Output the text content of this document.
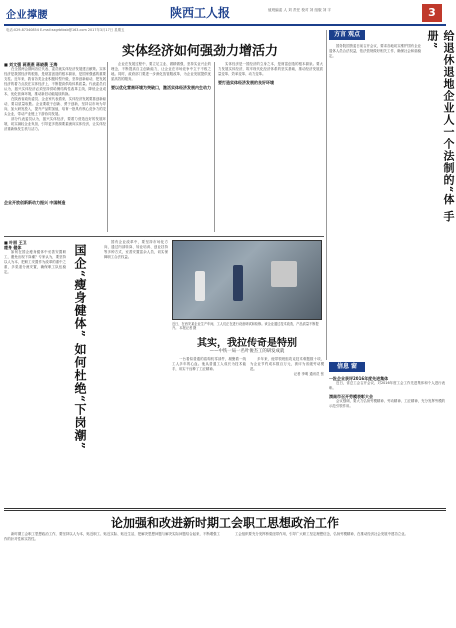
企业撑腰	陕西工人报	值班编委 人 刘 责任 校对 刘 组版 刘 宇	3
电话:029-87340854 E-mail:sxgrbtbsb@163.com 2017年3月17日 星期五
实体经济如何强劲力增活力
■ 刘文强 蒋燕燕 蒋晓晨 王海

在全国两会期间各位代表、委员就实体经济发展建言献策。实体经济是我国经济的根基，是财富创造的根本源泉，是国家强盛的重要支柱。近年来，我省各类企业积极转型升级，坚持创新驱动，把发展经济的着力点放在实体经济上，不断提高供给体系质量。代表委员们认为，振兴实体经济必须坚持供给侧结构性改革主线，降低企业成本，优化营商环境，推动新旧动能接续转换。

在陕西省政协委员、企业家代表看来，实体经济发展要靠创新驱动，要以质量取胜。企业要敢于创新、勇于创新，坚持以市场为导向，加大研发投入，提升产品附加值，培育一批具有核心竞争力的龙头企业，带动产业链上下游协同发展。

部分代表委员认为，振兴实体经济，要着力营造良好的发展环境，切实减轻企业负担，引导更多资源要素流向实体经济，让实体经济重新焕发生机与活力。

企业开放创新新动力振兴 中国制造

企业在发展过程中，要立足主业、做精做强，坚持实业兴企的理念，不断提高自主创新能力，让企业在市场竞争中立于不败之地。同时，政府部门要进一步深化放管服改革，为企业发展提供优质高效的服务。

要以优化营商环境为突破口，激活实体经济发展内生动力

实体经济是一国经济的立身之本，是财富创造的根本源泉。要大力发展实体经济，筑牢现代化经济体系的坚实基础，推动经济发展质量变革、效率变革、动力变革。

要打造实体经济发展的良好环境
方言 观点	给退休退地企业人一个法制的“体 手 册”

国务院国资委日前召开会议，要求各地切实维护国有企业退休人员合法权益，依法依规做好相关工作，确保社会和谐稳定。

信息 窗
一批企业获评2016年度先进集体

近日，省总工会召开会议，对2016年度工会工作先进集体和个人进行表彰。

渭南市召开劳模表彰大会

会议强调，要大力弘扬劳模精神、劳动精神、工匠精神，充分发挥劳模的示范引领作用。

■ 叶丽 王卫
瘦身 健体

如何在国企瘦身健体中妥善安置职工，避免出现下岗潮？专家认为，要坚持以人为本，把职工安置作为改革的重中之重，多渠道分流安置，确保职工队伍稳定。	国企“瘦身健体” 如何杜绝“下岗潮”

国有企业改革中，要坚持市场化方向，通过内部转岗、转业培训、创业扶持等多种方式，妥善安置富余人员，切实保障职工合法权益。

近日，在西安某企业生产车间，工人们正在进行设备调试和检修。该企业通过技术改造，产品质量不断提升。 本报记者 摄
其实，我拉传奇是特别
——中铁一局一名叶俊杰工的研发成就

一台看似普通的盾构机零部件，凝聚着一线工人多年的心血。他从普通工人成长为技术能手，用实干诠释了工匠精神。

多年来，他带领班组攻克技术难题数十项，为企业节约成本数百万元，被评为省级劳动模范。

记者 李明 通讯员 张

论加强和改进新时期工会职工思想政治工作

新时期工会职工思想政治工作，要坚持以人为本，贴近职工、贴近实际、贴近生活，把解决思想问题与解决实际问题结合起来，不断增强工作的针对性和实效性。

工会组织要充分发挥桥梁纽带作用，引导广大职工坚定理想信念，弘扬劳模精神，在推动经济社会发展中建功立业。
